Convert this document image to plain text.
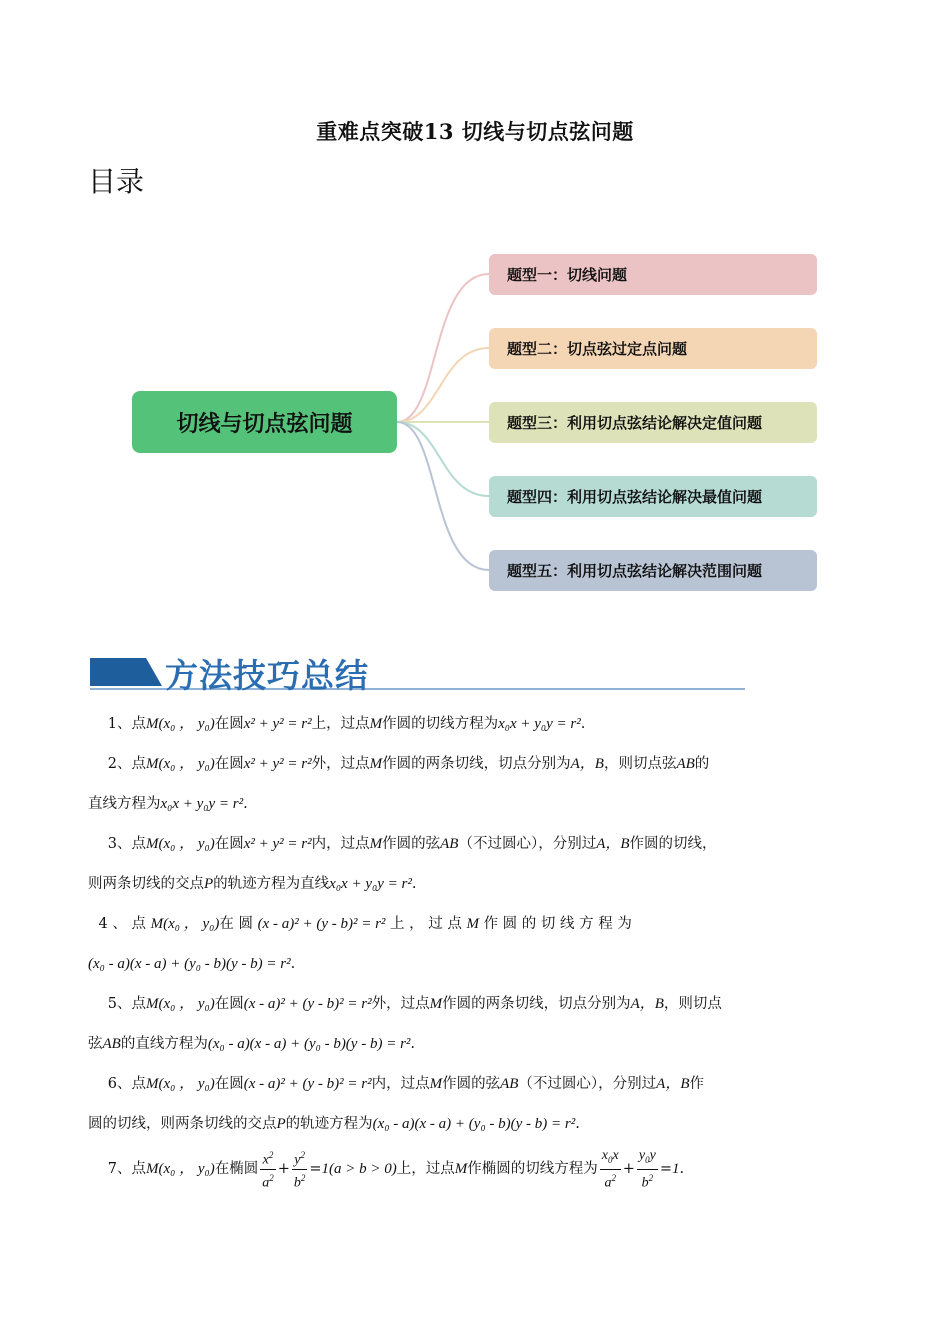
重难点突破13 切线与切点弦问题
目录
切线与切点弦问题
题型一：切线问题
题型二：切点弦过定点问题
题型三：利用切点弦结论解决定值问题
题型四：利用切点弦结论解决最值问题
题型五：利用切点弦结论解决范围问题
方法技巧总结

1、点M(x₀ ， y₀)在圆x² + y² = r²上，过点M作圆的切线方程为x₀x + y₀y = r².

2、点M(x₀ ， y₀)在圆x² + y² = r²外，过点M作圆的两条切线，切点分别为A，B，则切点弦AB的

直线方程为x₀x + y₀y = r².

3、点M(x₀ ， y₀)在圆x² + y² = r²内，过点M作圆的弦AB（不过圆心），分别过A，B作圆的切线，

则两条切线的交点P的轨迹方程为直线x₀x + y₀y = r².

4 、 点 M(x₀ ， y₀)在 圆 (x - a)² + (y - b)² = r² 上 ， 过 点 M 作 圆 的 切 线 方 程 为

(x₀ - a)(x - a) + (y₀ - b)(y - b) = r².

5、点M(x₀ ， y₀)在圆(x - a)² + (y - b)² = r²外，过点M作圆的两条切线，切点分别为A，B，则切点

弦AB的直线方程为(x₀ - a)(x - a) + (y₀ - b)(y - b) = r².

6、点M(x₀ ， y₀)在圆(x - a)² + (y - b)² = r²内，过点M作圆的弦AB（不过圆心），分别过A，B作

圆的切线，则两条切线的交点P的轨迹方程为(x₀ - a)(x - a) + (y₀ - b)(y - b) = r².

7、点M(x₀ ， y₀)在椭圆 $\frac{x^2}{a^2} + \frac{y^2}{b^2} =1(a > b > 0)$上，过点M作椭圆的切线方程为 $\frac{x_0x}{a^2} + \frac{y_0y}{b^2} =1$.
